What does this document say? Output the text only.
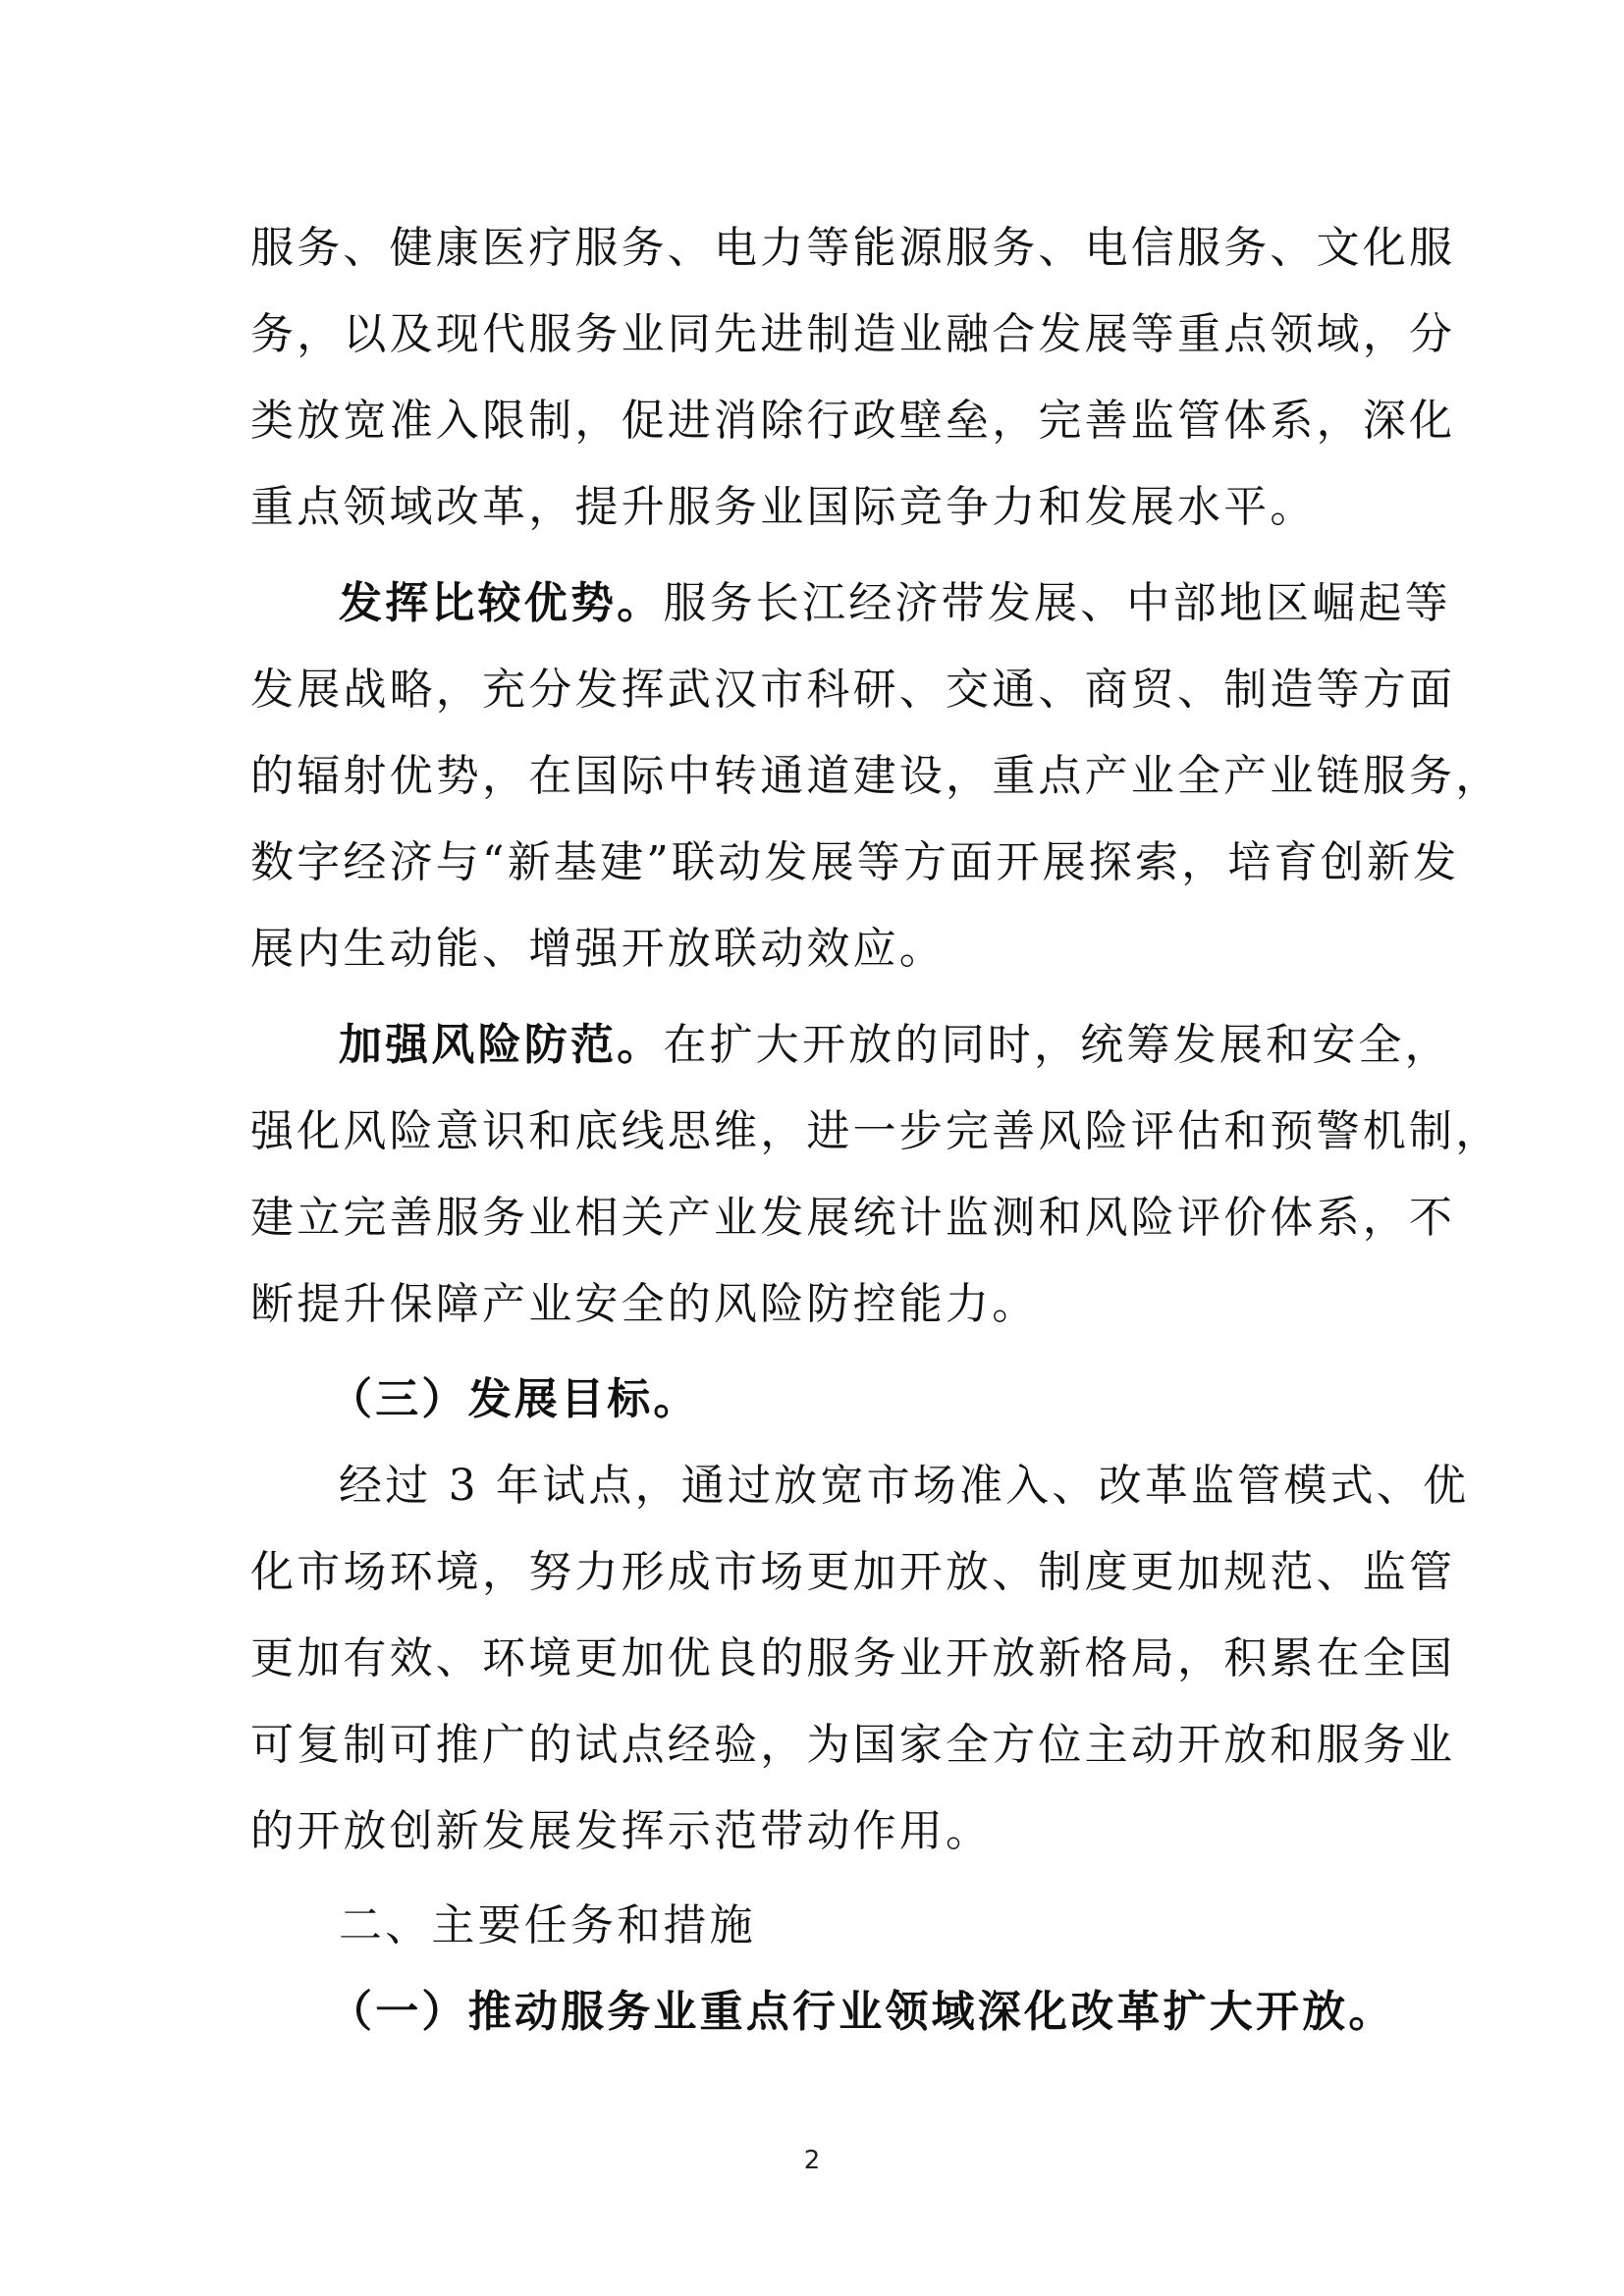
服务、健康医疗服务、电力等能源服务、电信服务、文化服
务，以及现代服务业同先进制造业融合发展等重点领域，分
类放宽准入限制，促进消除行政壁垒，完善监管体系，深化
重点领域改革，提升服务业国际竞争力和发展水平。
发挥比较优势。服务长江经济带发展、中部地区崛起等
发展战略，充分发挥武汉市科研、交通、商贸、制造等方面
的辐射优势，在国际中转通道建设，重点产业全产业链服务，
数字经济与“新基建”联动发展等方面开展探索，培育创新发
展内生动能、增强开放联动效应。
加强风险防范。在扩大开放的同时，统筹发展和安全，
强化风险意识和底线思维，进一步完善风险评估和预警机制，
建立完善服务业相关产业发展统计监测和风险评价体系，不
断提升保障产业安全的风险防控能力。
（三）发展目标。
经过 3 年试点，通过放宽市场准入、改革监管模式、优
化市场环境，努力形成市场更加开放、制度更加规范、监管
更加有效、环境更加优良的服务业开放新格局，积累在全国
可复制可推广的试点经验，为国家全方位主动开放和服务业
的开放创新发展发挥示范带动作用。
二、主要任务和措施
（一）推动服务业重点行业领域深化改革扩大开放。
2
